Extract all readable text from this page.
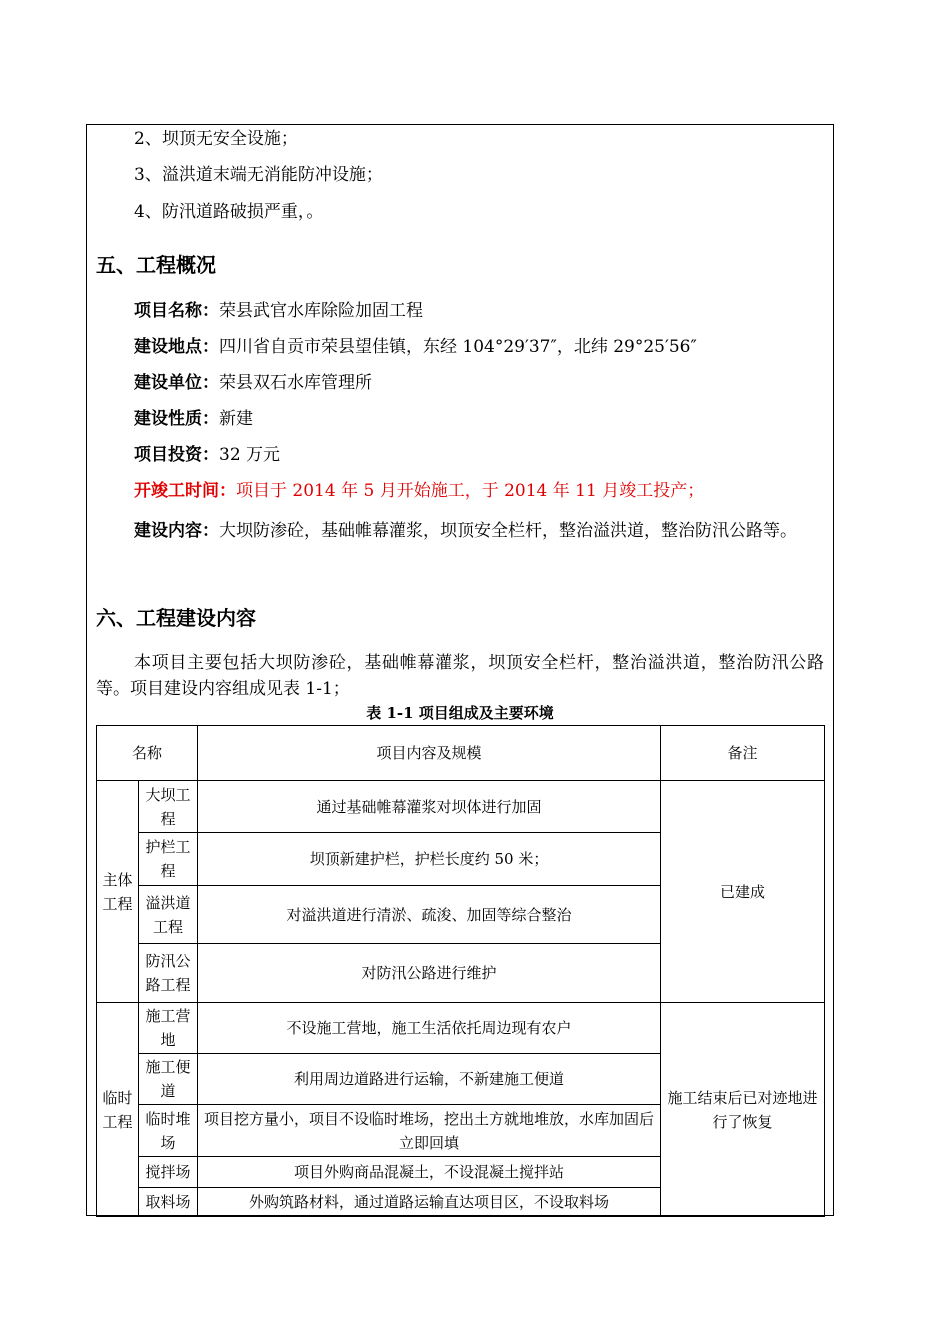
2、坝顶无安全设施；
3、溢洪道末端无消能防冲设施；
4、防汛道路破损严重，。
五、工程概况
项目名称：荣县武官水库除险加固工程
建设地点：四川省自贡市荣县望佳镇，东经 104°29′37″，北纬 29°25′56″
建设单位：荣县双石水库管理所
建设性质：新建
项目投资：32 万元
开竣工时间：项目于 2014 年 5 月开始施工，于 2014 年 11 月竣工投产；
建设内容：大坝防渗砼，基础帷幕灌浆，坝顶安全栏杆，整治溢洪道，整治防汛公路等。
六、工程建设内容
本项目主要包括大坝防渗砼，基础帷幕灌浆，坝顶安全栏杆，整治溢洪道，整治防汛公路等。项目建设内容组成见表 1-1；
表 1-1 项目组成及主要环境
名称		项目内容及规模	备注
主体工程	大坝工程	通过基础帷幕灌浆对坝体进行加固	已建成
	护栏工程	坝顶新建护栏，护栏长度约 50 米；	
	溢洪道工程	对溢洪道进行清淤、疏浚、加固等综合整治	
	防汛公路工程	对防汛公路进行维护	
临时工程	施工营地	不设施工营地，施工生活依托周边现有农户	施工结束后已对迹地进行了恢复
	施工便道	利用周边道路进行运输，不新建施工便道	
	临时堆场	项目挖方量小，项目不设临时堆场，挖出土方就地堆放，水库加固后立即回填	
	搅拌场	项目外购商品混凝土，不设混凝土搅拌站	
	取料场	外购筑路材料，通过道路运输直达项目区，不设取料场	
